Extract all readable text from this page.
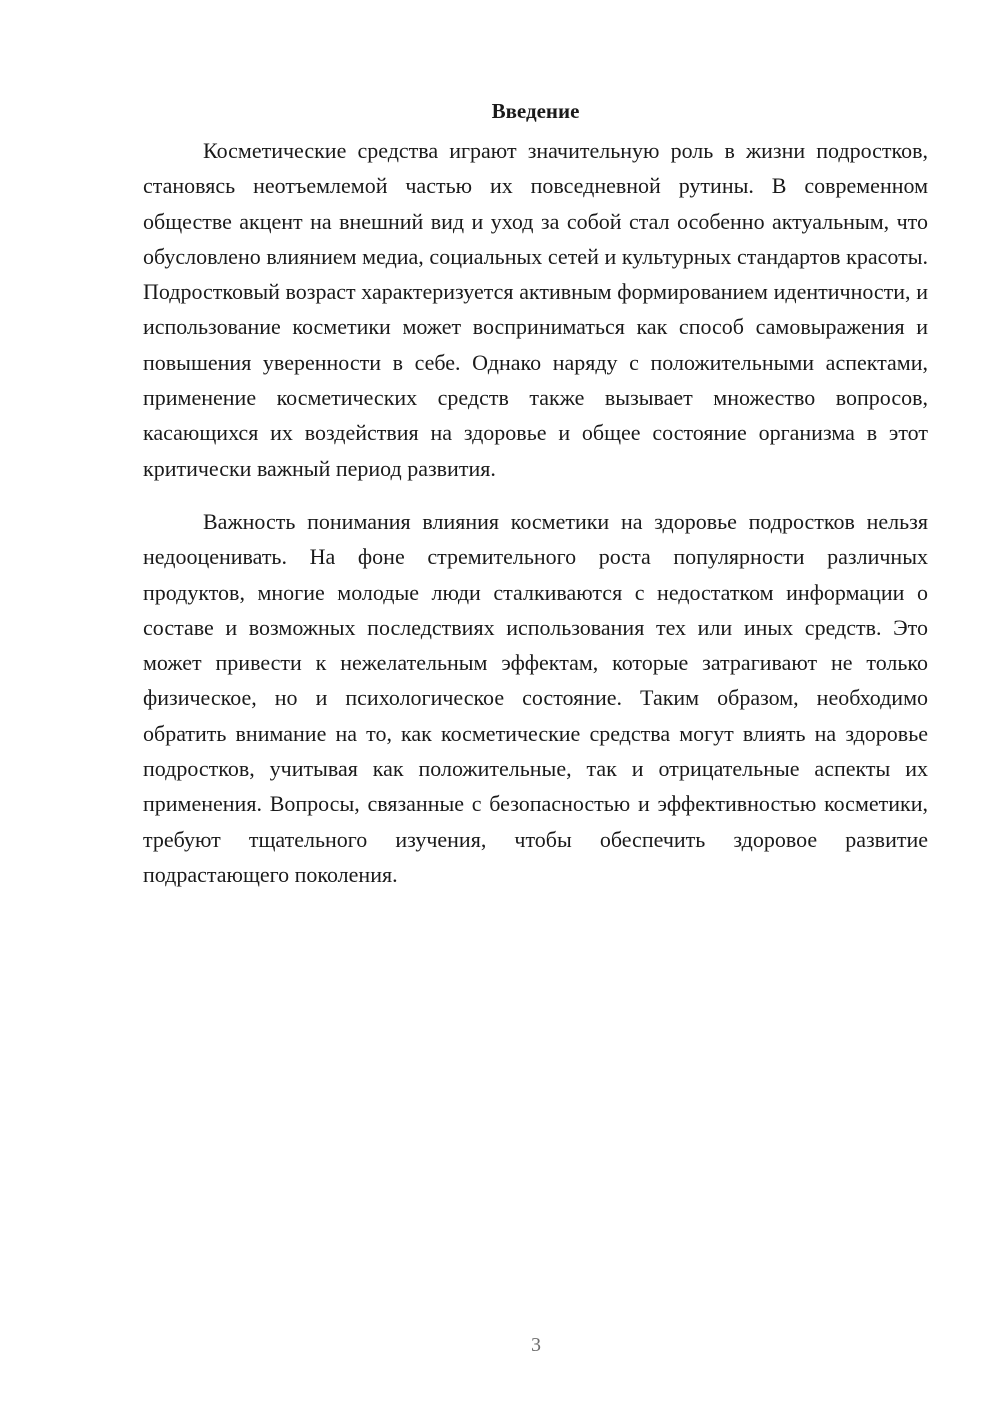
Введение

Косметические средства играют значительную роль в жизни подростков, становясь неотъемлемой частью их повседневной рутины. В современном обществе акцент на внешний вид и уход за собой стал особенно актуальным, что обусловлено влиянием медиа, социальных сетей и культурных стандартов красоты. Подростковый возраст характеризуется активным формированием идентичности, и использование косметики может восприниматься как способ самовыражения и повышения уверенности в себе. Однако наряду с положительными аспектами, применение косметических средств также вызывает множество вопросов, касающихся их воздействия на здоровье и общее состояние организма в этот критически важный период развития.

Важность понимания влияния косметики на здоровье подростков нельзя недооценивать. На фоне стремительного роста популярности различных продуктов, многие молодые люди сталкиваются с недостатком информации о составе и возможных последствиях использования тех или иных средств. Это может привести к нежелательным эффектам, которые затрагивают не только физическое, но и психологическое состояние. Таким образом, необходимо обратить внимание на то, как косметические средства могут влиять на здоровье подростков, учитывая как положительные, так и отрицательные аспекты их применения. Вопросы, связанные с безопасностью и эффективностью косметики, требуют тщательного изучения, чтобы обеспечить здоровое развитие подрастающего поколения.

3
